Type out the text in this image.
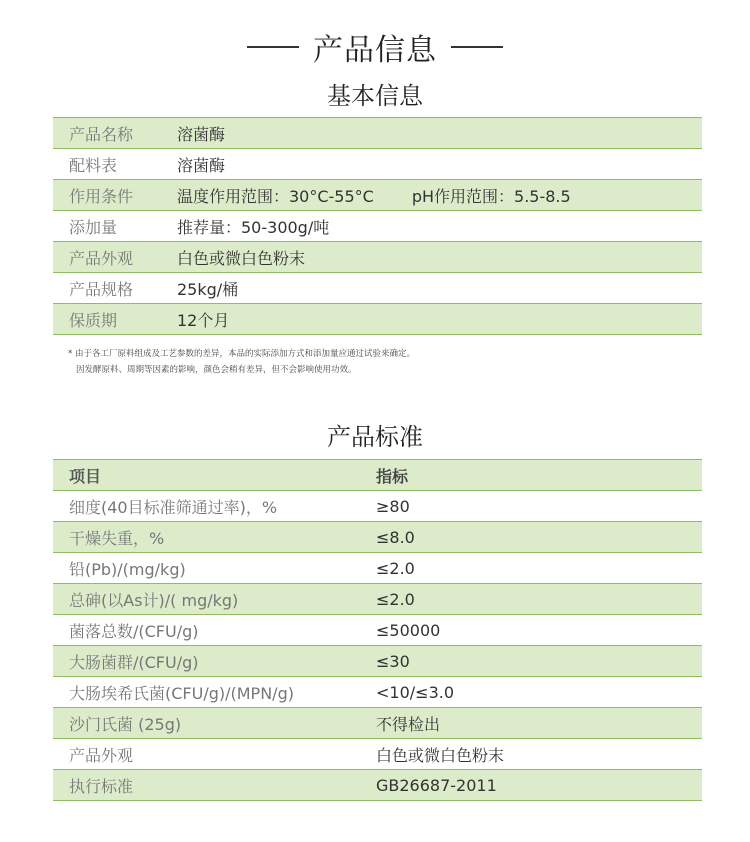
产品信息
基本信息
产品名称	溶菌酶
配料表	溶菌酶
作用条件	温度作用范围：30°C-55°C pH作用范围：5.5-8.5
添加量	推荐量：50-300g/吨
产品外观	白色或微白色粉末
产品规格	25kg/桶
保质期	12个月
* 由于各工厂原料组成及工艺参数的差异，本品的实际添加方式和添加量应通过试验来确定。
因发酵原料、周期等因素的影响，颜色会稍有差异，但不会影响使用功效。
产品标准
项目	指标
细度(40目标准筛通过率)，%	≥80
干燥失重，%	≤8.0
铅(Pb)/(mg/kg)	≤2.0
总砷(以As计)/( mg/kg)	≤2.0
菌落总数/(CFU/g)	≤50000
大肠菌群/(CFU/g)	≤30
大肠埃希氏菌(CFU/g)/(MPN/g)	<10/≤3.0
沙门氏菌 (25g)	不得检出
产品外观	白色或微白色粉末
执行标准	GB26687-2011
